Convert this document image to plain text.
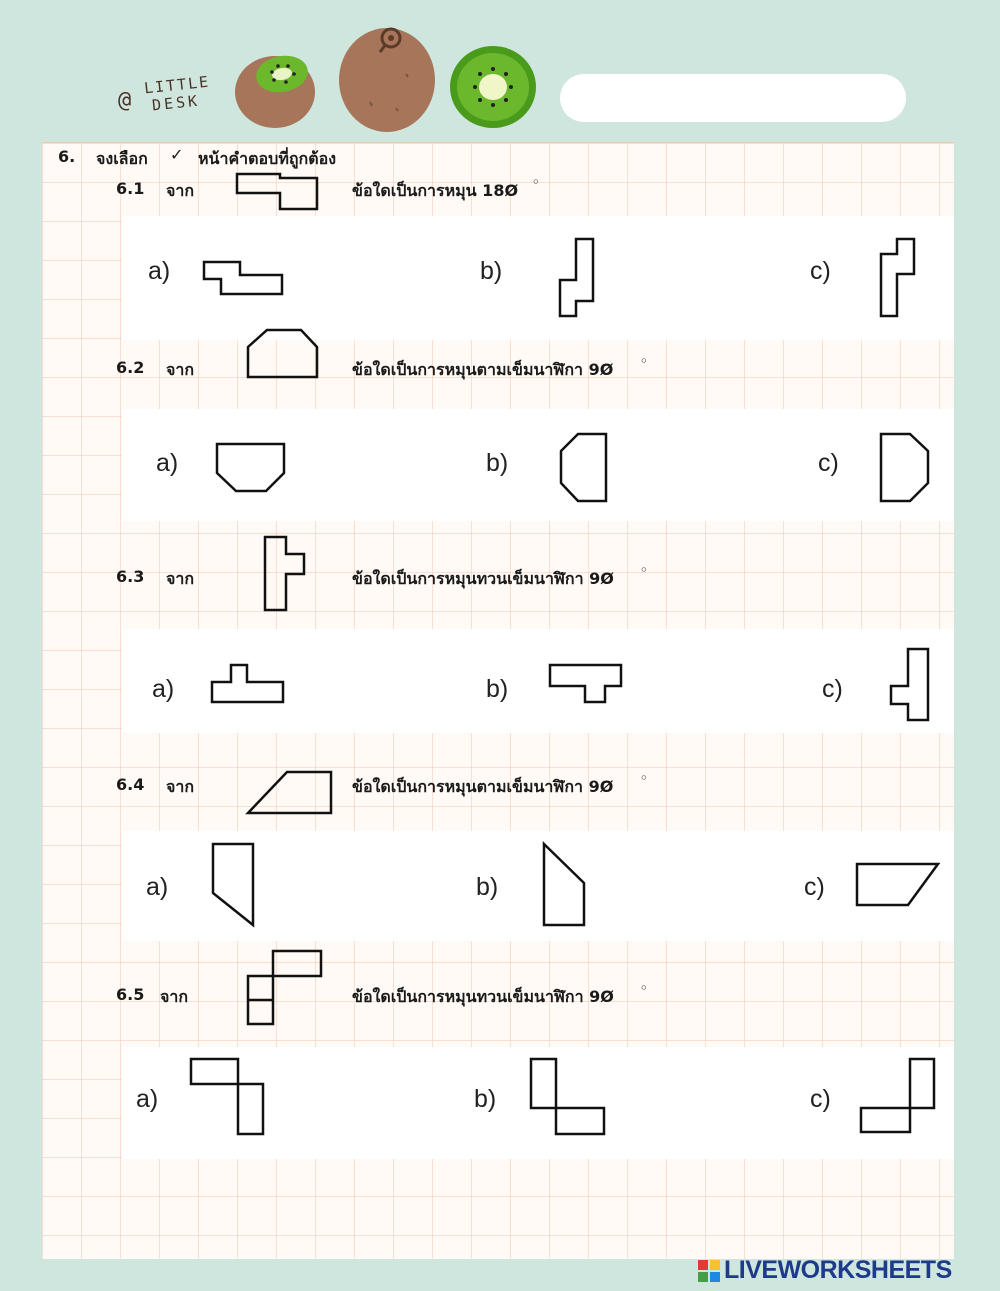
@
LITTLE
DESK
6. จงเลือก ✓ หน้าคำตอบที่ถูกต้อง
6.1 จาก	ข้อใดเป็นการหมุน 18Ø ◦
a)	b)	c)
6.2 จาก	ข้อใดเป็นการหมุนตามเข็มนาฬิกา 9Ø ◦
a)	b)	c)
6.3 จาก	ข้อใดเป็นการหมุนทวนเข็มนาฬิกา 9Ø ◦
a)	b)	c)
6.4 จาก	ข้อใดเป็นการหมุนตามเข็มนาฬิกา 9Ø ◦
a)	b)	c)
6.5 จาก	ข้อใดเป็นการหมุนทวนเข็มนาฬิกา 9Ø ◦
a)	b)	c)
LIVEWORKSHEETS
